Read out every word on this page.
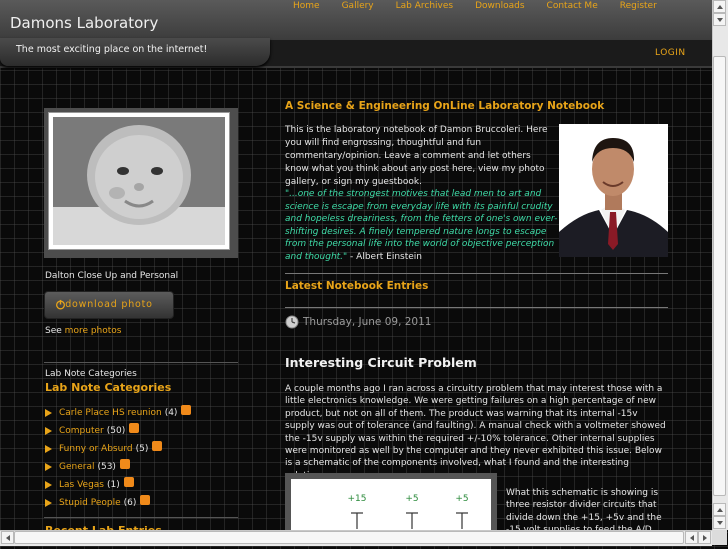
Damons Laboratory
Home Gallery Lab Archives Downloads Contact Me Register
The most exciting place on the internet!	LOGIN
Dalton Close Up and Personal
download photo
See more photos
Lab Note Categories
Lab Note Categories
Carle Place HS reunion (4)
Computer (50)
Funny or Absurd (5)
General (53)
Las Vegas (1)
Stupid People (6)
A Science & Engineering OnLine Laboratory Notebook
This is the laboratory notebook of Damon Bruccoleri. Here you will find engrossing, thoughtful and fun commentary/opinion. Leave a comment and let others know what you think about any post here, view my photo gallery, or sign my guestbook.
"...one of the strongest motives that lead men to art and science is escape from everyday life with its painful crudity and hopeless dreariness, from the fetters of one's own ever-shifting desires. A finely tempered nature longs to escape from the personal life into the world of objective perception and thought." - Albert Einstein
Latest Notebook Entries
Thursday, June 09, 2011
Interesting Circuit Problem
A couple months ago I ran across a circuitry problem that may interest those with a little electronics knowledge. We were getting failures on a high percentage of new product, but not on all of them. The product was warning that its internal -15v supply was out of tolerance (and faulting). A manual check with a voltmeter showed the -15v supply was within the required +/-10% tolerance. Other internal supplies were monitored as well by the computer and they never exhibited this issue. Below is a schematic of the components involved, what I found and the interesting
+15	+5	+5
What this schematic is showing is three resistor divider circuits that divide down the +15, +5v and the
